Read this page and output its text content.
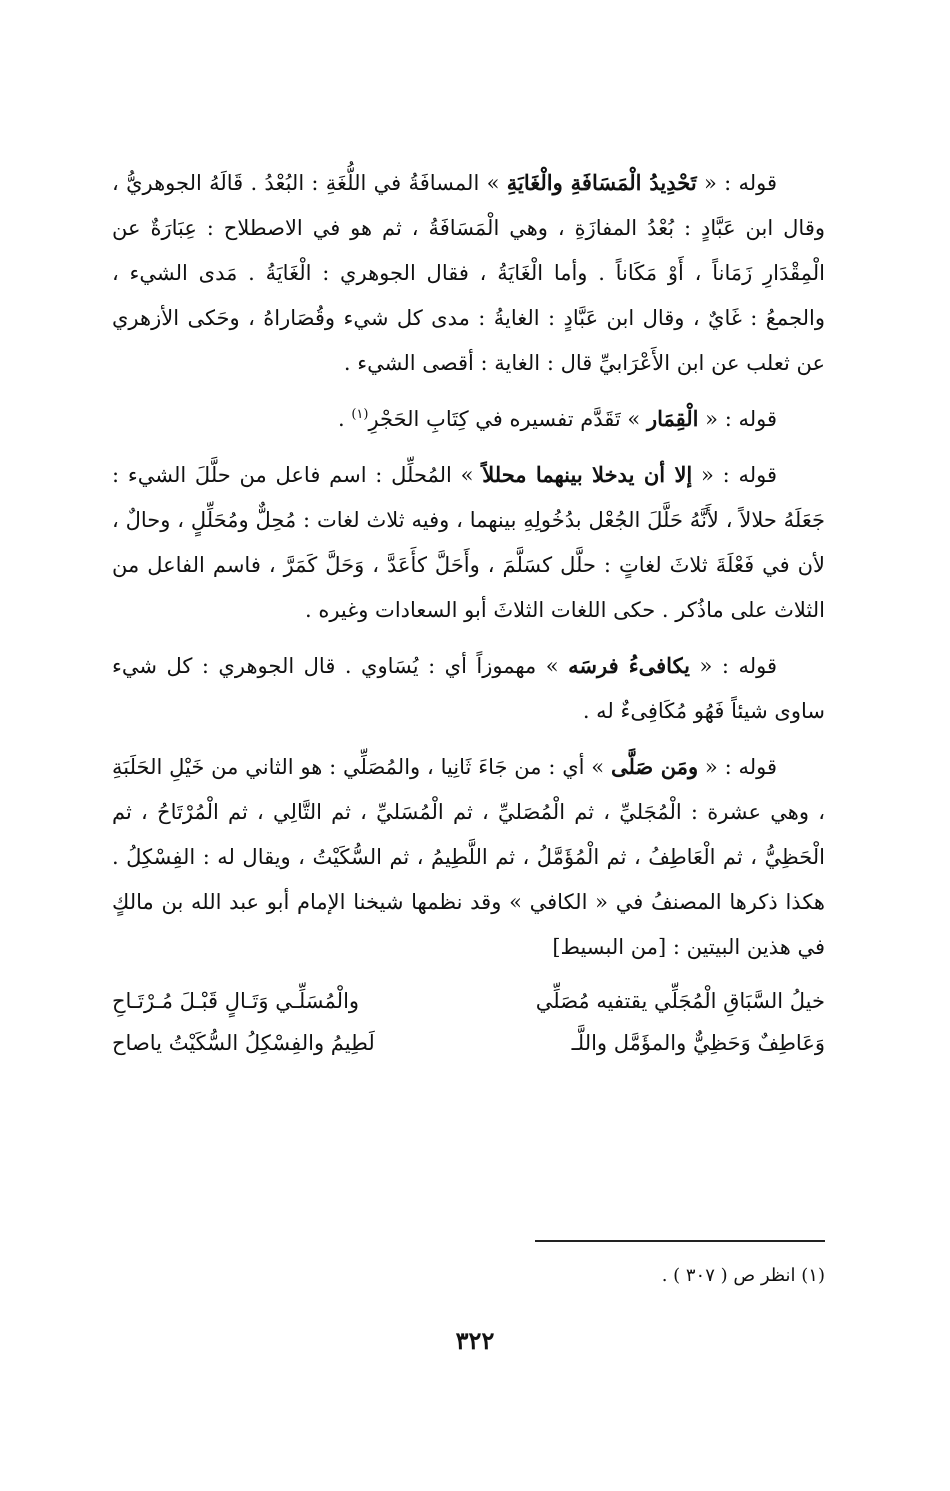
قوله : « تَحْدِيدُ الْمَسَافَةِ والْغَايَةِ » المسافَةُ في اللُّغَةِ : البُعْدُ . قَالَهُ الجوهريُّ ، وقال ابن عَبَّادٍ : بُعْدُ المفازَةِ ، وهي الْمَسَافَةُ ، ثم هو في الاصطلاح : عِبَارَةٌ عن الْمِقْدَارِ زَمَاناً ، أَوْ مَكَاناً . وأما الْغَايَةُ ، فقال الجوهري : الْغَايَةُ . مَدى الشيء ، والجمعُ : غَايٌ ، وقال ابن عَبَّادٍ : الغايةُ : مدى كل شيء وقُصَاراهُ ، وحَكى الأزهري عن ثعلب عن ابن الأَعْرَابيِّ قال : الغاية : أقصى الشيء .

قوله : « الْقِمَار » تَقَدَّم تفسيره في كِتَابِ الحَجْرِ$^{(١)}$ .

قوله : « إلا أن يدخلا بينهما محللاً » المُحلِّل : اسم فاعل من حلَّلَ الشيء : جَعَلَهُ حلالاً ، لأَنَّهُ حَلَّلَ الجُعْل بدُخُولِهِ بينهما ، وفيه ثلاث لغات : مُحِلٌّ ومُحَلِّلٍ ، وحالٌ ، لأن في فَعْلَةَ ثلاثَ لغاتٍ : حلَّل كسَلَّمَ ، وأَحَلَّ كأَعَدَّ ، وَحَلَّ كَمَرَّ ، فاسم الفاعل من الثلاث على ماذُكر . حكى اللغات الثلاثَ أبو السعادات وغيره .

قوله : « يكافىءُ فرسَه » مهموزاً أي : يُسَاوي . قال الجوهري : كل شيء ساوى شيئاً فَهُو مُكَافِىءٌ له .

قوله : « ومَن صَلَّى » أي : من جَاءَ ثَانِيا ، والمُصَلِّي : هو الثاني من خَيْلِ الحَلَبَةِ ، وهي عشرة : الْمُجَليِّ ، ثم الْمُصَليِّ ، ثم الْمُسَليِّ ، ثم التَّالِي ، ثم الْمُرْتَاحُ ، ثم الْحَظِيُّ ، ثم الْعَاطِفُ ، ثم الْمُؤَمَّلُ ، ثم اللَّطِيمُ ، ثم السُّكَيْتُ ، ويقال له : الفِسْكِلُ . هكذا ذكرها المصنفُ في « الكافي » وقد نظمها شيخنا الإمام أبو عبد الله بن مالكٍ في هذين البيتين : [من البسيط]

خيلُ السَّبَاقِ الْمُجَلِّي يقتفيه مُصَلِّي
والْمُسَلِّـي وَتَـالٍ قَبْـلَ مُـرْتَـاحِ
وَعَاطِفٌ وَحَظِيٌّ والمؤَمَّل واللَّـ
لَطِيمُ والفِسْكِلُ السُّكَيْتُ ياصاح
(١) انظر ص ( ٣٠٧ ) .
٣٢٢
